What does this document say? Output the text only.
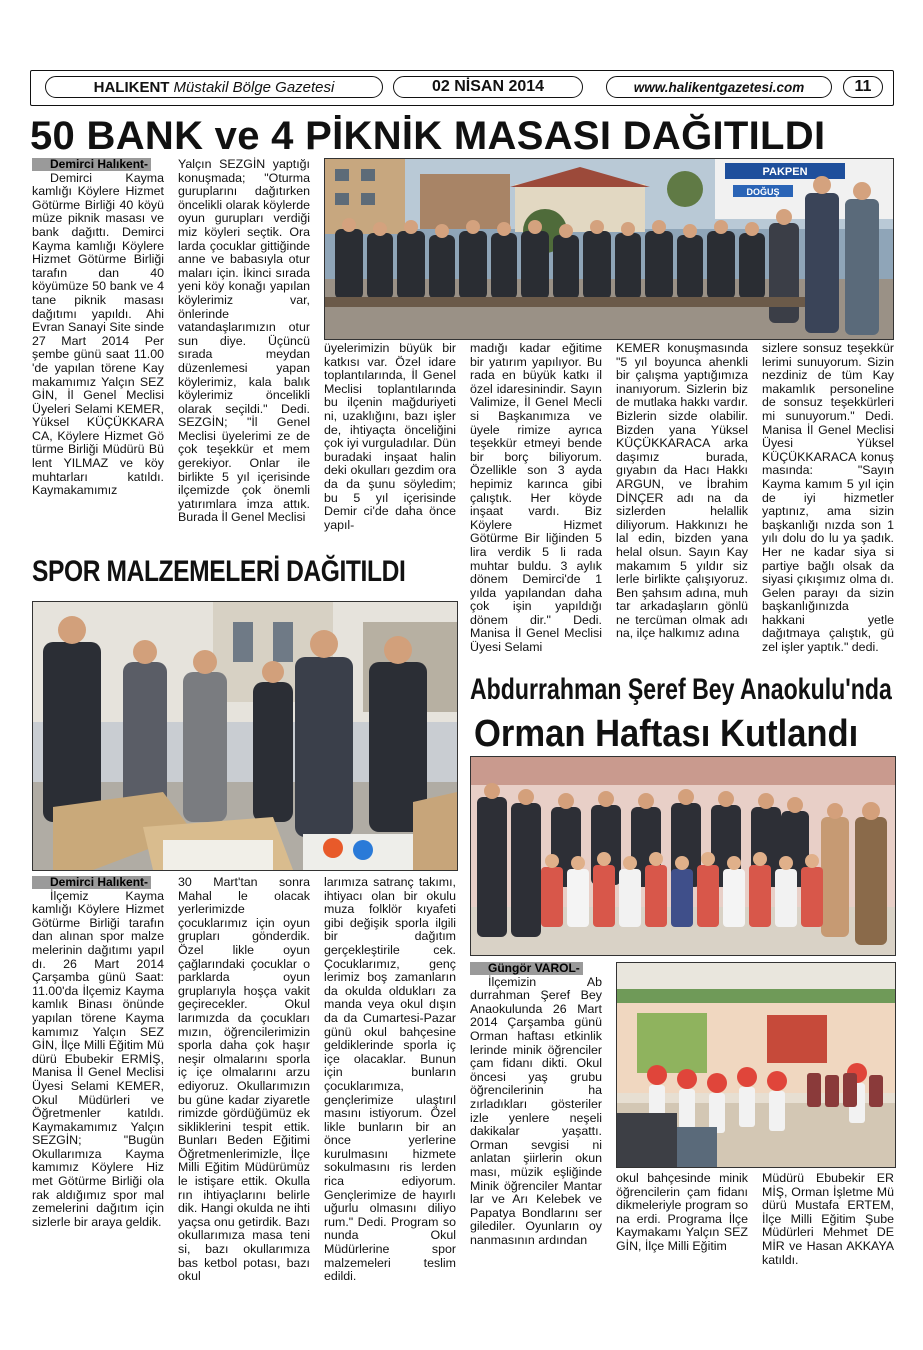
HALIKENT Müstakil Bölge Gazetesi	02 NİSAN 2014	www.halikentgazetesi.com	11
50 BANK ve 4 PİKNİK MASASI DAĞITILDI
Demirci Halıkent-

Demirci Kayma kamlığı Köylere Hizmet Götürme Birliği 40 köyü müze piknik masası ve bank dağıttı. Demirci Kayma kamlığı Köylere Hizmet Götürme Birliği tarafın dan 40 köyümüze 50 bank ve 4 tane piknik masası dağıtımı yapıldı. Ahi Evran Sanayi Site sinde 27 Mart 2014 Per şembe günü saat 11.00 'de yapılan törene Kay makamımız Yalçın SEZ GİN, İl Genel Meclisi Üyeleri Selami KEMER, Yüksel KÜÇÜKKARA CA, Köylere Hizmet Gö türme Birliği Müdürü Bü lent YILMAZ ve köy muhtarları katıldı. Kaymakamımız

Yalçın SEZGİN yaptığı konuşmada; "Oturma guruplarını dağıtırken öncelikli olarak köylerde oyun gurupları verdiği miz köyleri seçtik. Ora larda çocuklar gittiğinde anne ve babasıyla otur maları için. İkinci sırada yeni köy konağı yapılan köylerimiz var, önlerinde vatandaşlarımızın otur sun diye. Üçüncü sırada meydan düzenlemesi yapan köylerimiz, kala balık köylerimiz öncelikli olarak seçildi." Dedi. SEZGİN; "İl Genel Meclisi üyelerimi ze de çok teşekkür et mem gerekiyor. Onlar ile birlikte 5 yıl içerisinde ilçemizde çok önemli yatırımlara imza attık. Burada İl Genel Meclisi

PAKPEN
DOĞUŞ

üyelerimizin büyük bir katkısı var. Özel idare toplantılarında, İl Genel Meclisi toplantılarında bu ilçenin mağduriyeti ni, uzaklığını, bazı işler de, ihtiyaçta önceliğini çok iyi vurguladılar. Dün buradaki inşaat halin deki okulları gezdim ora da da şunu söyledim; bu 5 yıl içerisinde Demir ci'de daha önce yapıl-

madığı kadar eğitime bir yatırım yapılıyor. Bu rada en büyük katkı il özel idaresinindir. Sayın Valimize, İl Genel Mecli si Başkanımıza ve üyele rimize ayrıca teşekkür etmeyi bende bir borç biliyorum. Özellikle son 3 ayda hepimiz karınca gibi çalıştık. Her köyde inşaat vardı. Biz Köylere Hizmet Götürme Bir liğinden 5 lira verdik 5 li rada muhtar buldu. 3 aylık dönem Demirci'de 1 yılda yapılandan daha çok işin yapıldığı dönem dir." Dedi. Manisa İl Genel Meclisi Üyesi Selami

KEMER konuşmasında "5 yıl boyunca ahenkli bir çalışma yaptığımıza inanıyorum. Sizlerin biz de mutlaka hakkı vardır. Bizlerin sizde olabilir. Bizden yana Yüksel KÜÇÜKKARACA arka daşımız burada, gıyabın da Hacı Hakkı ARGUN, ve İbrahim DİNÇER adı na da sizlerden helallik diliyorum. Hakkınızı he lal edin, bizden yana helal olsun. Sayın Kay makamım 5 yıldır siz lerle birlikte çalışıyoruz. Ben şahsım adına, muh tar arkadaşların gönlü ne tercüman olmak adı na, ilçe halkımız adına

sizlere sonsuz teşekkür lerimi sunuyorum. Sizin nezdiniz de tüm Kay makamlık personeline de sonsuz teşekkürleri mi sunuyorum." Dedi. Manisa İl Genel Meclisi Üyesi Yüksel KÜÇÜKKARACA konuş masında: "Sayın Kayma kamım 5 yıl için de iyi hizmetler yaptınız, ama sizin başkanlığı nızda son 1 yılı dolu do lu ya şadık. Her ne kadar siya si partiye bağlı olsak da siyasi çıkışımız olma dı. Gelen parayı da sizin başkanlığınızda hakkani yetle dağıtmaya çalıştık, gü zel işler yaptık." dedi.

SPOR MALZEMELERİ DAĞITILDI
Demirci Halıkent-

İlçemiz Kayma kamlığı Köylere Hizmet Götürme Birliği tarafın dan alınan spor malze melerinin dağıtımı yapıl dı. 26 Mart 2014 Çarşamba günü Saat: 11.00'da İlçemiz Kayma kamlık Binası önünde yapılan törene Kayma kamımız Yalçın SEZ GİN, İlçe Milli Eğitim Mü dürü Ebubekir ERMİŞ, Manisa İl Genel Meclisi Üyesi Selami KEMER, Okul Müdürleri ve Öğretmenler katıldı. Kaymakamımız Yalçın SEZGİN; "Bugün Okullarımıza Kayma kamımız Köylere Hiz met Götürme Birliği ola rak aldığımız spor mal zemelerini dağıtım için sizlerle bir araya geldik.

30 Mart'tan sonra Mahal le olacak yerlerimizde çocuklarımız için oyun grupları gönderdik. Özel likle oyun çağlarındaki çocuklar o parklarda oyun gruplarıyla hoşça vakit geçirecekler. Okul larımızda da çocukları mızın, öğrencilerimizin sporla daha çok haşır neşir olmalarını sporla iç içe olmalarını arzu ediyoruz. Okullarımızın bu güne kadar ziyaretle rimizde gördüğümüz ek sikliklerini tespit ettik. Bunları Beden Eğitimi Öğretmenlerimizle, İlçe Milli Eğitim Müdürümüz le istişare ettik. Okulla rın ihtiyaçlarını belirle dik. Hangi okulda ne ihti yaçsa onu getirdik. Bazı okullarımıza masa teni si, bazı okullarımıza bas ketbol potası, bazı okul

larımıza satranç takımı, ihtiyacı olan bir okulu muza folklör kıyafeti gibi değişik sporla ilgili bir dağıtım gerçekleştirile cek. Çocuklarımız, genç lerimiz boş zamanların da okulda oldukları za manda veya okul dışın da da Cumartesi-Pazar günü okul bahçesine geldiklerinde sporla iç içe olacaklar. Bunun için bunların çocuklarımıza, gençlerimize ulaştırıl masını istiyorum. Özel likle bunların bir an önce yerlerine kurulmasını hizmete sokulmasını ris lerden rica ediyorum. Gençlerimize de hayırlı uğurlu olmasını diliyo rum." Dedi. Program so nunda Okul Müdürlerine spor malzemeleri teslim edildi.

Abdurrahman Şeref Bey Anaokulu'nda
Orman Haftası Kutlandı
Güngör VAROL-

İlçemizin Ab durrahman Şeref Bey Anaokulunda 26 Mart 2014 Çarşamba günü Orman haftası etkinlik lerinde minik öğrenciler çam fidanı dikti. Okul öncesi yaş grubu öğrencilerinin ha zırladıkları gösteriler izle yenlere neşeli dakikalar yaşattı. Orman sevgisi ni anlatan şiirlerin okun ması, müzik eşliğinde Minik öğrenciler Mantar lar ve Arı Kelebek ve Papatya Bondlarını ser gilediler. Oyunların oy nanmasının ardından

okul bahçesinde minik öğrencilerin çam fidanı dikmeleriyle program so na erdi. Programa İlçe Kaymakamı Yalçın SEZ GİN, İlçe Milli Eğitim

Müdürü Ebubekir ER MİŞ, Orman İşletme Mü dürü Mustafa ERTEM, İlçe Milli Eğitim Şube Müdürleri Mehmet DE MİR ve Hasan AKKAYA katıldı.
